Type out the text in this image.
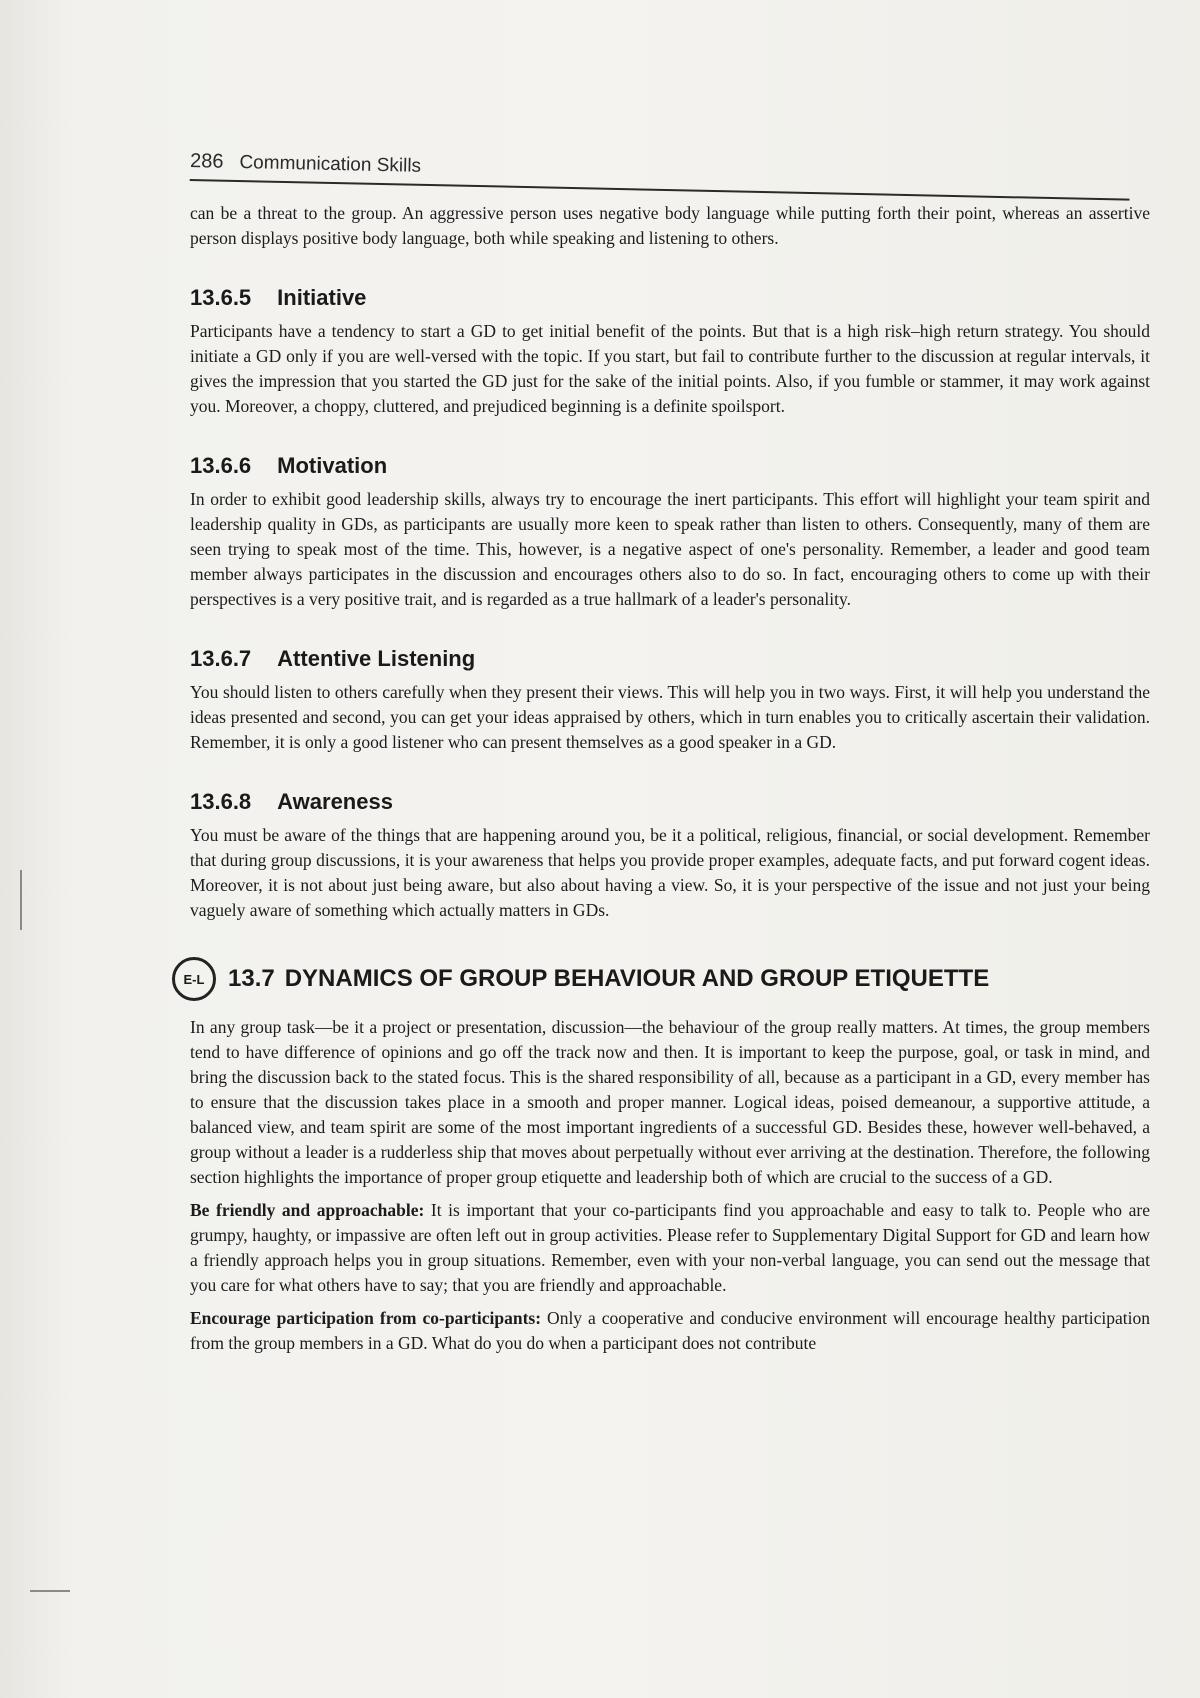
286 Communication Skills

can be a threat to the group. An aggressive person uses negative body language while putting forth their point, whereas an assertive person displays positive body language, both while speaking and listening to others.

13.6.5 Initiative

Participants have a tendency to start a GD to get initial benefit of the points. But that is a high risk–high return strategy. You should initiate a GD only if you are well-versed with the topic. If you start, but fail to contribute further to the discussion at regular intervals, it gives the impression that you started the GD just for the sake of the initial points. Also, if you fumble or stammer, it may work against you. Moreover, a choppy, cluttered, and prejudiced beginning is a definite spoilsport.

13.6.6 Motivation

In order to exhibit good leadership skills, always try to encourage the inert participants. This effort will highlight your team spirit and leadership quality in GDs, as participants are usually more keen to speak rather than listen to others. Consequently, many of them are seen trying to speak most of the time. This, however, is a negative aspect of one's personality. Remember, a leader and good team member always participates in the discussion and encourages others also to do so. In fact, encouraging others to come up with their perspectives is a very positive trait, and is regarded as a true hallmark of a leader's personality.

13.6.7 Attentive Listening

You should listen to others carefully when they present their views. This will help you in two ways. First, it will help you understand the ideas presented and second, you can get your ideas appraised by others, which in turn enables you to critically ascertain their validation. Remember, it is only a good listener who can present themselves as a good speaker in a GD.

13.6.8 Awareness

You must be aware of the things that are happening around you, be it a political, religious, financial, or social development. Remember that during group discussions, it is your awareness that helps you provide proper examples, adequate facts, and put forward cogent ideas. Moreover, it is not about just being aware, but also about having a view. So, it is your perspective of the issue and not just your being vaguely aware of something which actually matters in GDs.

E-L 13.7 DYNAMICS OF GROUP BEHAVIOUR AND GROUP ETIQUETTE

In any group task—be it a project or presentation, discussion—the behaviour of the group really matters. At times, the group members tend to have difference of opinions and go off the track now and then. It is important to keep the purpose, goal, or task in mind, and bring the discussion back to the stated focus. This is the shared responsibility of all, because as a participant in a GD, every member has to ensure that the discussion takes place in a smooth and proper manner. Logical ideas, poised demeanour, a supportive attitude, a balanced view, and team spirit are some of the most important ingredients of a successful GD. Besides these, however well-behaved, a group without a leader is a rudderless ship that moves about perpetually without ever arriving at the destination. Therefore, the following section highlights the importance of proper group etiquette and leadership both of which are crucial to the success of a GD.

Be friendly and approachable: It is important that your co-participants find you approachable and easy to talk to. People who are grumpy, haughty, or impassive are often left out in group activities. Please refer to Supplementary Digital Support for GD and learn how a friendly approach helps you in group situations. Remember, even with your non-verbal language, you can send out the message that you care for what others have to say; that you are friendly and approachable.

Encourage participation from co-participants: Only a cooperative and conducive environment will encourage healthy participation from the group members in a GD. What do you do when a participant does not contribute
